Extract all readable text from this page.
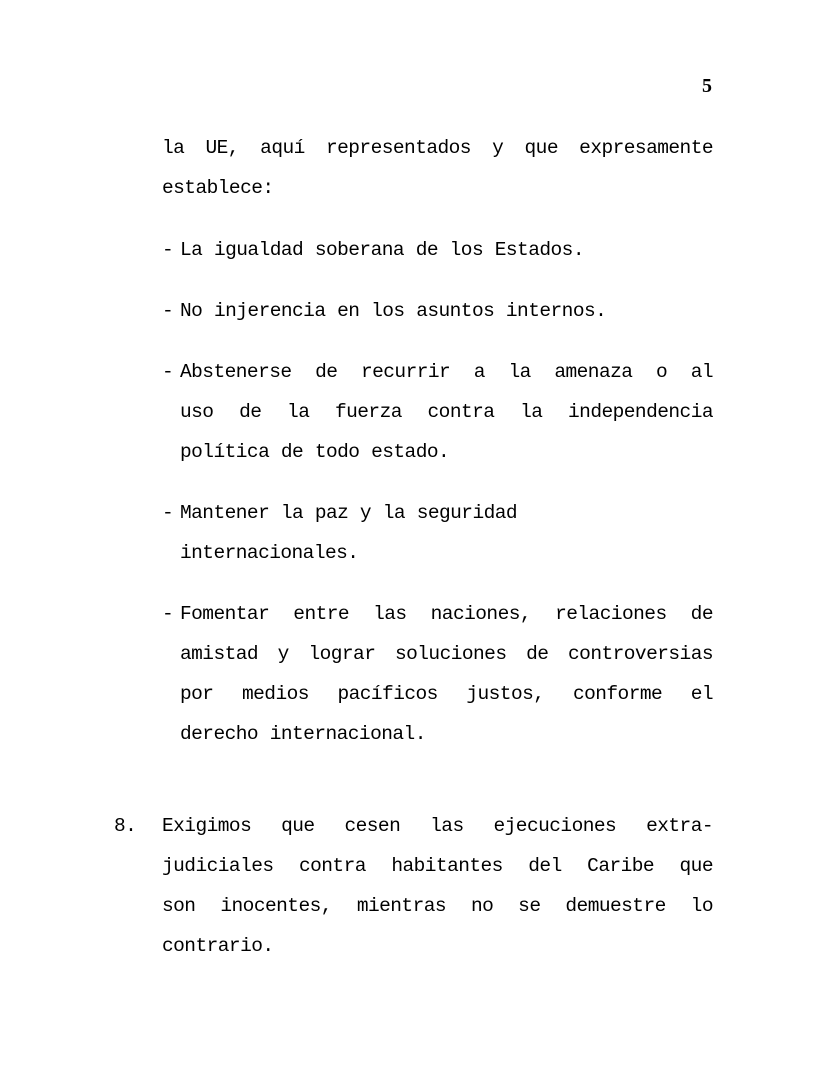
5

la UE, aquí representados y que expresamente
establece:

- La igualdad soberana de los Estados.
- No injerencia en los asuntos internos.
- Abstenerse de recurrir a la amenaza o al
uso de la fuerza contra la independencia
política de todo estado.
- Mantener la paz y la seguridad
internacionales.
- Fomentar entre las naciones, relaciones de
amistad y lograr soluciones de controversias
por medios pacíficos justos, conforme el
derecho internacional.
8. Exigimos que cesen las ejecuciones extra-
judiciales contra habitantes del Caribe que
son inocentes, mientras no se demuestre lo
contrario.
